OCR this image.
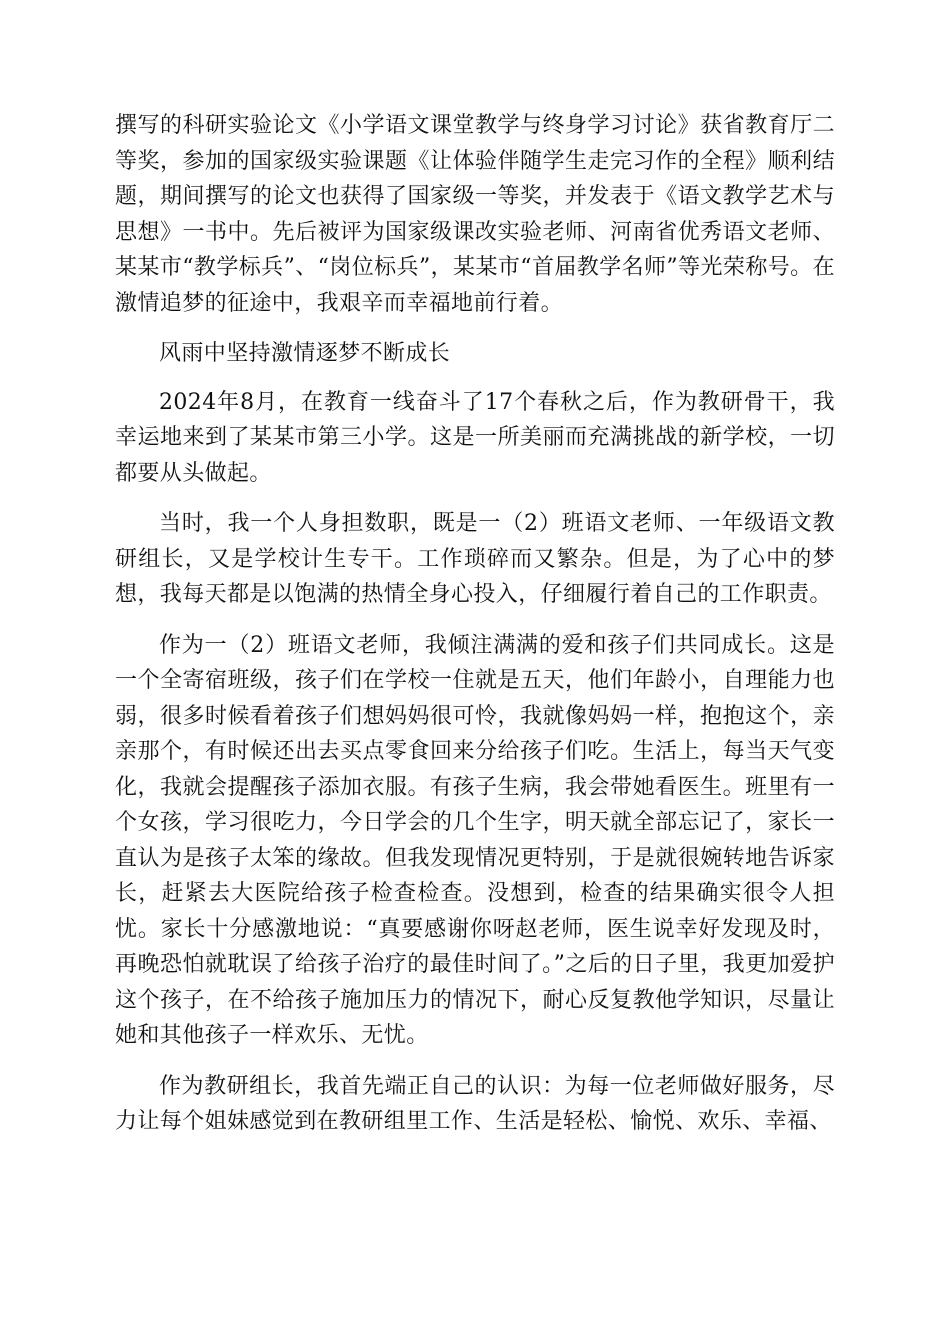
撰写的科研实验论文《小学语文课堂教学与终身学习讨论》获省教育厅二等奖，参加的国家级实验课题《让体验伴随学生走完习作的全程》顺利结题，期间撰写的论文也获得了国家级一等奖，并发表于《语文教学艺术与思想》一书中。先后被评为国家级课改实验老师、河南省优秀语文老师、某某市“教学标兵”、“岗位标兵”，某某市“首届教学名师”等光荣称号。在激情追梦的征途中，我艰辛而幸福地前行着。

风雨中坚持激情逐梦不断成长

2024年8月，在教育一线奋斗了17个春秋之后，作为教研骨干，我幸运地来到了某某市第三小学。这是一所美丽而充满挑战的新学校，一切都要从头做起。

当时，我一个人身担数职，既是一（2）班语文老师、一年级语文教研组长，又是学校计生专干。工作琐碎而又繁杂。但是，为了心中的梦想，我每天都是以饱满的热情全身心投入，仔细履行着自己的工作职责。

作为一（2）班语文老师，我倾注满满的爱和孩子们共同成长。这是一个全寄宿班级，孩子们在学校一住就是五天，他们年龄小，自理能力也弱，很多时候看着孩子们想妈妈很可怜，我就像妈妈一样，抱抱这个，亲亲那个，有时候还出去买点零食回来分给孩子们吃。生活上，每当天气变化，我就会提醒孩子添加衣服。有孩子生病，我会带她看医生。班里有一个女孩，学习很吃力，今日学会的几个生字，明天就全部忘记了，家长一直认为是孩子太笨的缘故。但我发现情况更特别，于是就很婉转地告诉家长，赶紧去大医院给孩子检查检查。没想到，检查的结果确实很令人担忧。家长十分感激地说：“真要感谢你呀赵老师，医生说幸好发现及时，再晚恐怕就耽误了给孩子治疗的最佳时间了。”之后的日子里，我更加爱护这个孩子，在不给孩子施加压力的情况下，耐心反复教他学知识，尽量让她和其他孩子一样欢乐、无忧。

作为教研组长，我首先端正自己的认识：为每一位老师做好服务，尽力让每个姐妹感觉到在教研组里工作、生活是轻松、愉悦、欢乐、幸福、
